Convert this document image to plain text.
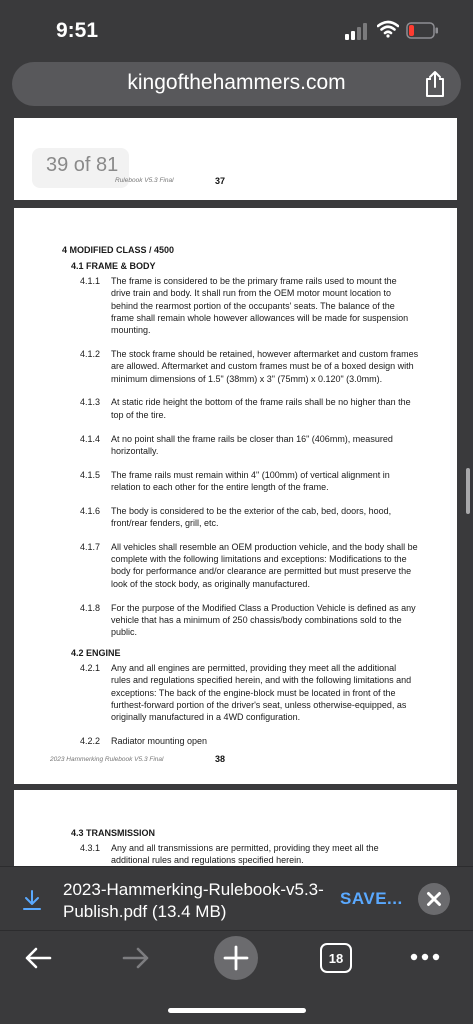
9:51
kingofthehammers.com
39 of 81
Rulebook V5.3 Final	37
4 MODIFIED CLASS / 4500
4.1 FRAME & BODY
4.1.1 The frame is considered to be the primary frame rails used to mount the
drive train and body. It shall run from the OEM motor mount location to
behind the rearmost portion of the occupants' seats. The balance of the
frame shall remain whole however allowances will be made for suspension
mounting.
4.1.2 The stock frame should be retained, however aftermarket and custom frames
are allowed. Aftermarket and custom frames must be of a boxed design with
minimum dimensions of 1.5" (38mm) x 3" (75mm) x 0.120" (3.0mm).
4.1.3 At static ride height the bottom of the frame rails shall be no higher than the
top of the tire.
4.1.4 At no point shall the frame rails be closer than 16" (406mm), measured
horizontally.
4.1.5 The frame rails must remain within 4" (100mm) of vertical alignment in
relation to each other for the entire length of the frame.
4.1.6 The body is considered to be the exterior of the cab, bed, doors, hood,
front/rear fenders, grill, etc.
4.1.7 All vehicles shall resemble an OEM production vehicle, and the body shall be
complete with the following limitations and exceptions: Modifications to the
body for performance and/or clearance are permitted but must preserve the
look of the stock body, as originally manufactured.
4.1.8 For the purpose of the Modified Class a Production Vehicle is defined as any
vehicle that has a minimum of 250 chassis/body combinations sold to the
public.
4.2 ENGINE
4.2.1 Any and all engines are permitted, providing they meet all the additional
rules and regulations specified herein, and with the following limitations and
exceptions: The back of the engine-block must be located in front of the
furthest-forward portion of the driver's seat, unless otherwise-equipped, as
originally manufactured in a 4WD configuration.
4.2.2 Radiator mounting open
2023 Hammerking Rulebook V5.3 Final	38
4.3 TRANSMISSION
4.3.1 Any and all transmissions are permitted, providing they meet all the
additional rules and regulations specified herein.
2023-Hammerking-Rulebook-v5.3-
Publish.pdf (13.4 MB)
SAVE...
18
